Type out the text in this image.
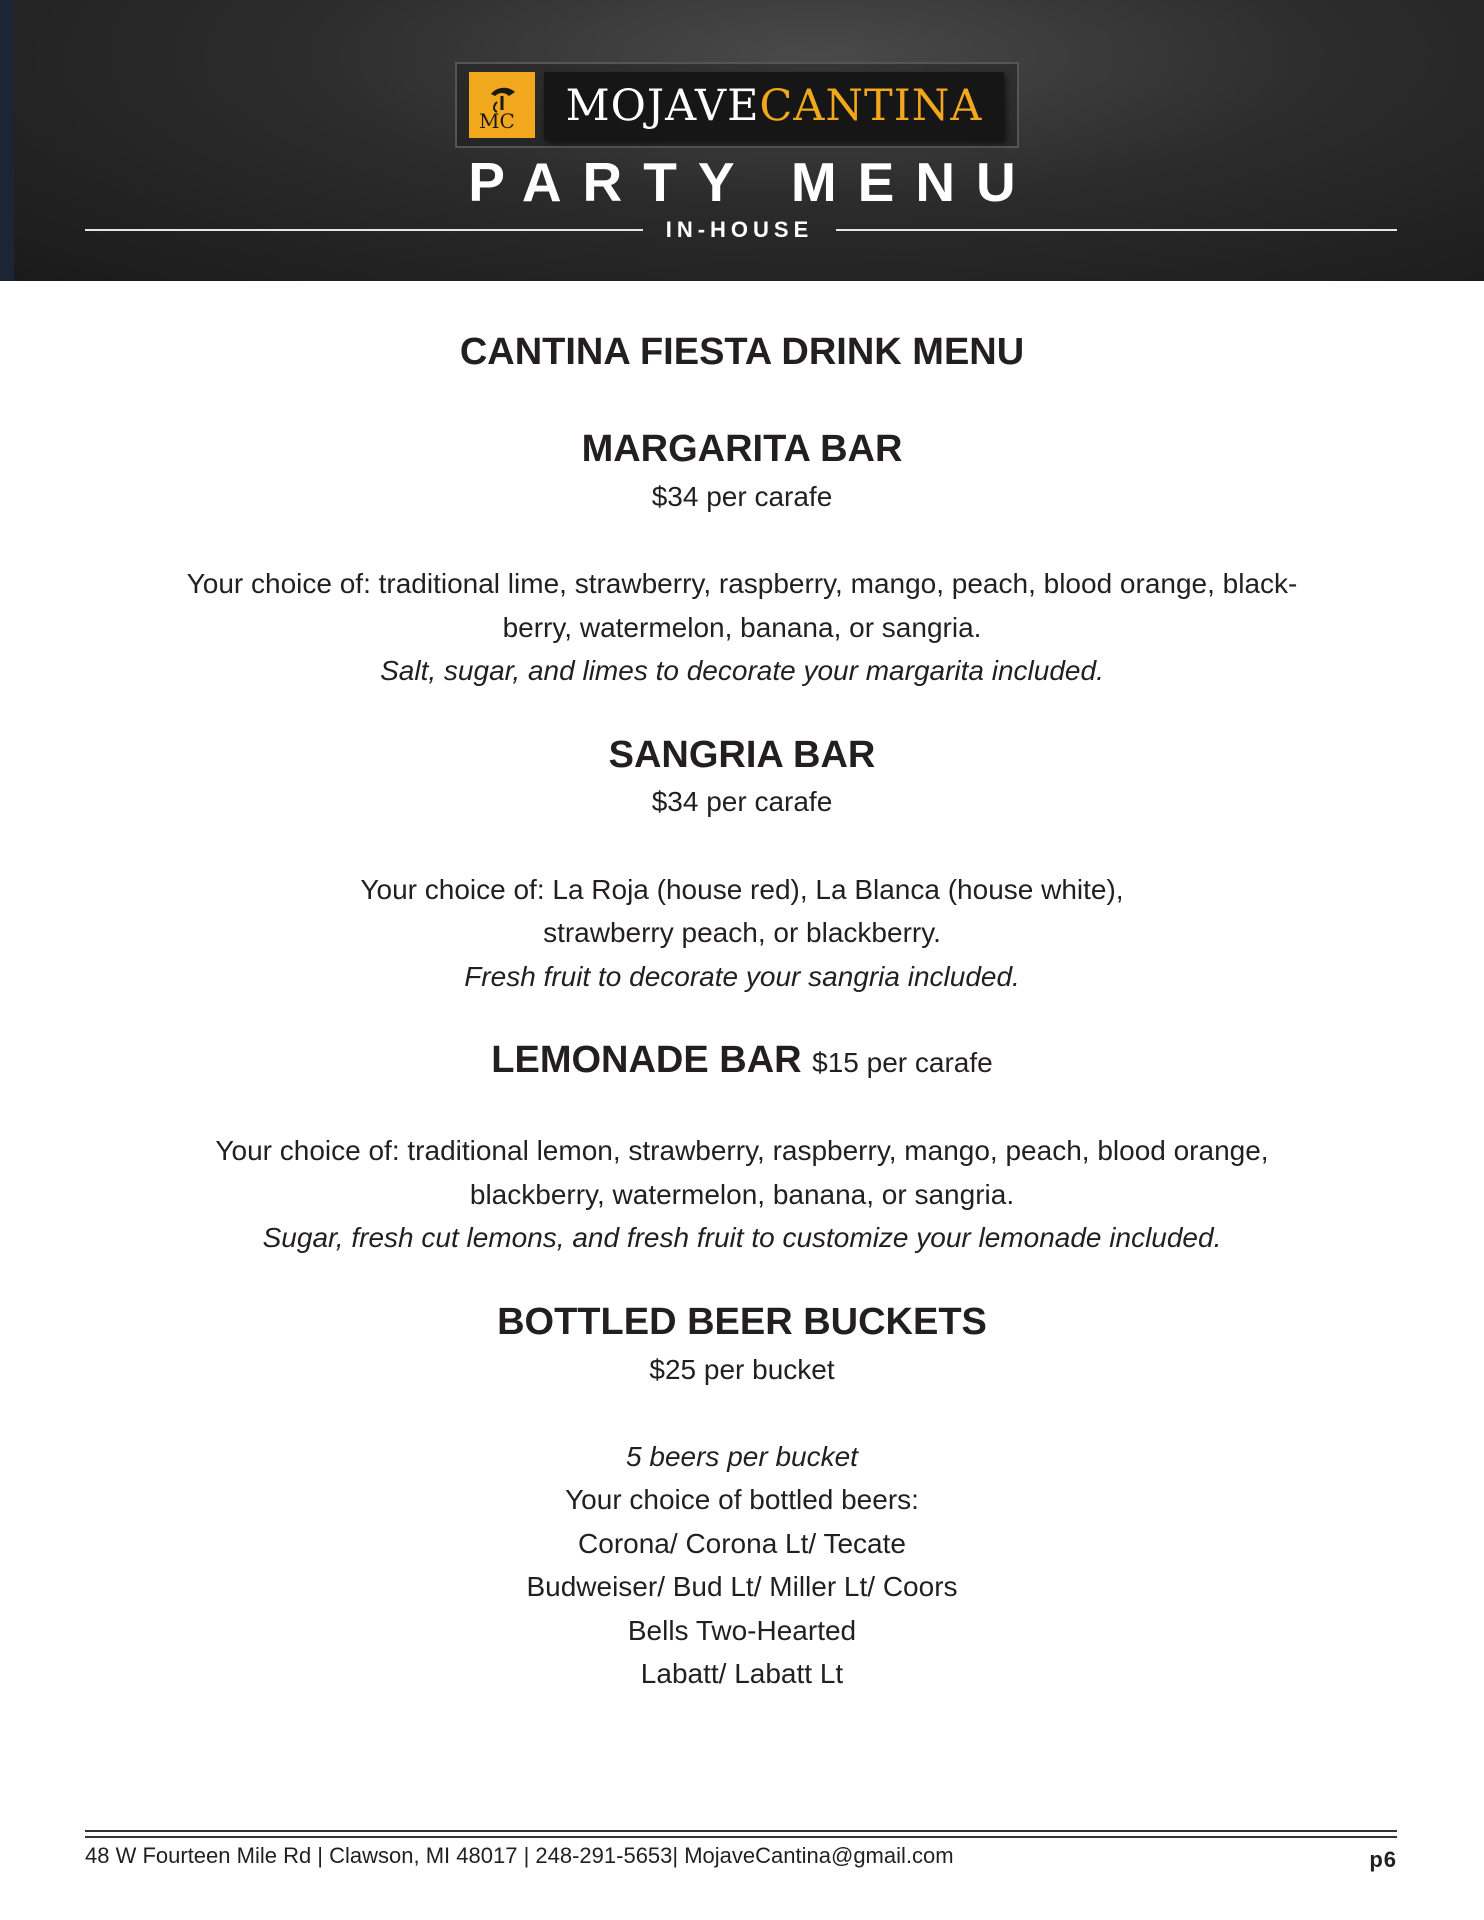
MC MOJAVECANTINA
PARTY MENU
IN-HOUSE
CANTINA FIESTA DRINK MENU
MARGARITA BAR
$34 per carafe
Your choice of: traditional lime, strawberry, raspberry, mango, peach, blood orange, black-
berry, watermelon, banana, or sangria.
Salt, sugar, and limes to decorate your margarita included.
SANGRIA BAR
$34 per carafe
Your choice of: La Roja (house red), La Blanca (house white),
strawberry peach, or blackberry.
Fresh fruit to decorate your sangria included.
LEMONADE BAR $15 per carafe
Your choice of: traditional lemon, strawberry, raspberry, mango, peach, blood orange,
blackberry, watermelon, banana, or sangria.
Sugar, fresh cut lemons, and fresh fruit to customize your lemonade included.
BOTTLED BEER BUCKETS
$25 per bucket
5 beers per bucket
Your choice of bottled beers:
Corona/ Corona Lt/ Tecate
Budweiser/ Bud Lt/ Miller Lt/ Coors
Bells Two-Hearted
Labatt/ Labatt Lt
48 W Fourteen Mile Rd | Clawson, MI 48017 | 248-291-5653| MojaveCantina@gmail.com	p6
